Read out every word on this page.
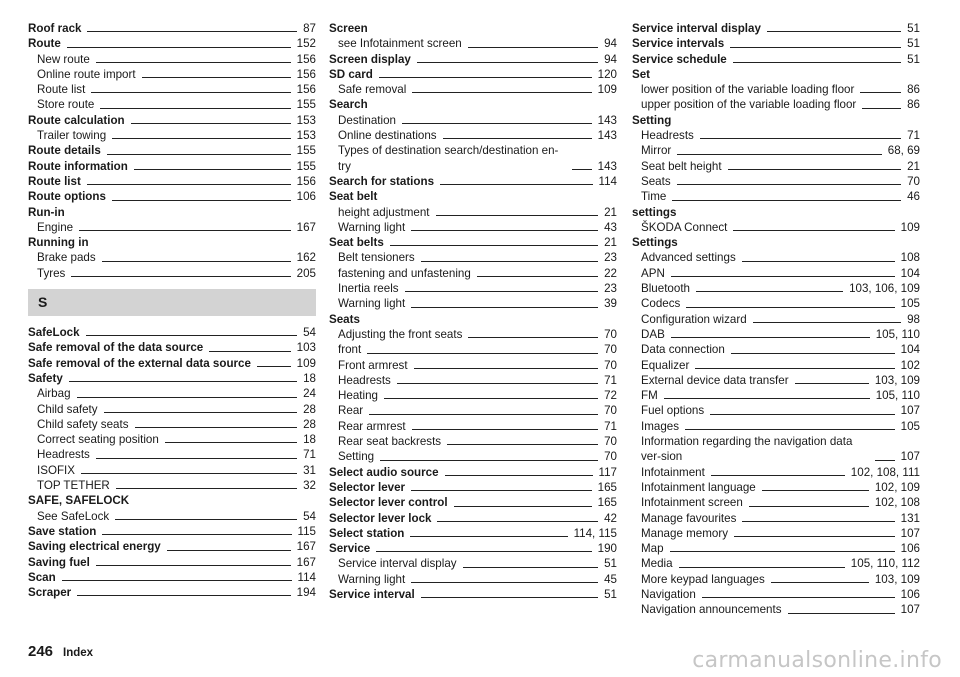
Roof rack	87
Route	152
New route	156
Online route import	156
Route list	156
Store route	155
Route calculation	153
Trailer towing	153
Route details	155
Route information	155
Route list	156
Route options	106
Run-in
Engine	167
Running in
Brake pads	162
Tyres	205
S
SafeLock	54
Safe removal of the data source	103
Safe removal of the external data source	109
Safety	18
Airbag	24
Child safety	28
Child safety seats	28
Correct seating position	18
Headrests	71
ISOFIX	31
TOP TETHER	32
SAFE, SAFELOCK
See SafeLock	54
Save station	115
Saving electrical energy	167
Saving fuel	167
Scan	114
Scraper	194
Screen
see Infotainment screen	94
Screen display	94
SD card	120
Safe removal	109
Search
Destination	143
Online destinations	143
Types of destination search/destination en-try	143
Search for stations	114
Seat belt
height adjustment	21
Warning light	43
Seat belts	21
Belt tensioners	23
fastening and unfastening	22
Inertia reels	23
Warning light	39
Seats
Adjusting the front seats	70
front	70
Front armrest	70
Headrests	71
Heating	72
Rear	70
Rear armrest	71
Rear seat backrests	70
Setting	70
Select audio source	117
Selector lever	165
Selector lever control	165
Selector lever lock	42
Select station	114, 115
Service	190
Service interval display	51
Warning light	45
Service interval	51
Service interval display	51
Service intervals	51
Service schedule	51
Set
lower position of the variable loading floor	86
upper position of the variable loading floor	86
Setting
Headrests	71
Mirror	68, 69
Seat belt height	21
Seats	70
Time	46
settings
ŠKODA Connect	109
Settings
Advanced settings	108
APN	104
Bluetooth	103, 106, 109
Codecs	105
Configuration wizard	98
DAB	105, 110
Data connection	104
Equalizer	102
External device data transfer	103, 109
FM	105, 110
Fuel options	107
Images	105
Information regarding the navigation data ver-sion	107
Infotainment	102, 108, 111
Infotainment language	102, 109
Infotainment screen	102, 108
Manage favourites	131
Manage memory	107
Map	106
Media	105, 110, 112
More keypad languages	103, 109
Navigation	106
Navigation announcements	107
246 Index	carmanualsonline.info
